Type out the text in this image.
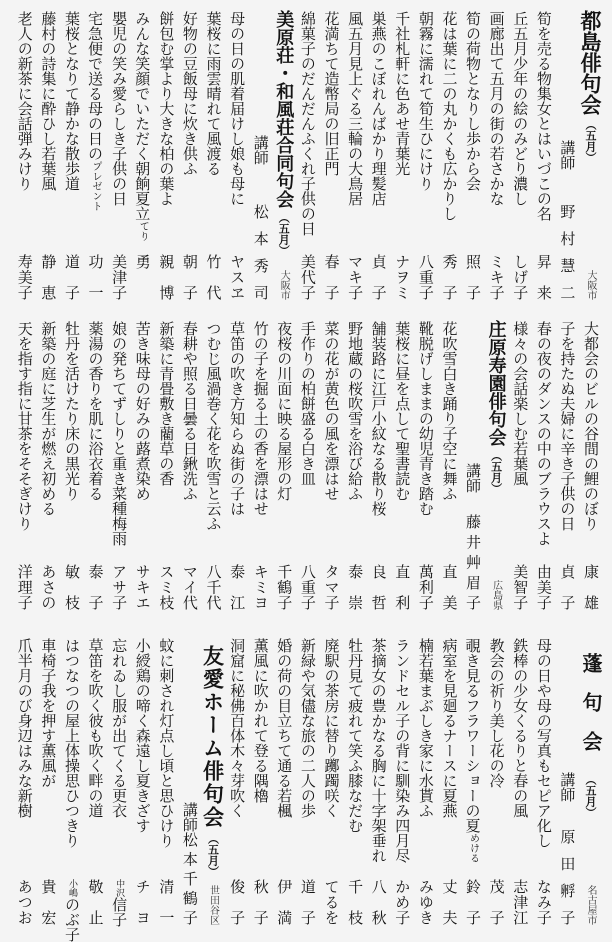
都島俳句会
（五月）
大阪市
講師
野村慧二
筍を売る物集女とはいづこの名
昇来
丘五月少年の絵のみどり濃し
しげ子
画廊出て五月の街の若さかな
ミキ子
筍の荷物となりし歩から会
照子
花は葉に二の丸かくも広かりし
秀子
朝霧に濡れて筍生ひにけり
八重子
千社札軒に色あせ青葉光
ナヲミ
巣燕のこぼれんばかり理髪店
貞子
風五月見上ぐる三輪の大鳥居
マキ子
花満ちて造幣局の旧正門
春子
綿菓子のだんだんふくれ子供の日
美代子
美原荘・和風荘合同句会
（五月）
大阪市
講師
松本秀司
母の日の肌着届けし娘も母に
ヤスヱ
葉桜に雨雲晴れて風渡る
竹代
好物の豆飯母に炊き供ふ
朝子
餅包む掌より大きな柏の葉よ
親博
みんな笑顔でいただく朝餉夏立てり
勇
嬰児の笑み愛らしき子供の日
美津子
宅急便で送る母の日のプレゼント
功一
葉桜となりて静かな散歩道
道子
藤村の詩集に酔ひし若葉風
静恵
老人の新茶に会話弾みけり
寿美子
大都会のビルの谷間の鯉のぼり
康雄
子を持たぬ夫婦に辛き子供の日
貞子
春の夜のダンスの中のブラウスよ
由美子
様々の会話楽しむ若葉風
美智子
庄原寿園俳句会
（五月）
広島県
講師
藤井艸眉子
花吹雪白き踊り子空に舞ふ
直美
靴脱げしままの幼児青き踏む
萬利子
葉桜に昼を点して聖書読む
直利
舗装路に江戸小紋なる散り桜
良哲
野地蔵の桜吹雪を浴び給ふ
泰崇
菜の花が黄色の風を漂はせ
タマ子
手作りの柏餅盛る白き皿
八重子
夜桜の川面に映る屋形の灯
千鶴子
竹の子を掘る土の香を漂はせ
キミヨ
草笛の吹き方知らぬ街の子は
泰江
つむじ風渦巻く花を吹雪と云ふ
八千代
春耕や照る日曇る日鍬洗ふ
マイ代
新築に青畳敷き藺草の香
スミ枝
苦き味母の好みの蕗煮染め
サキエ
娘の発ちてずしりと重き菜種梅雨
アサ子
薬湯の香りを肌に浴衣着る
泰子
牡丹を活けたり床の黒光り
敏枝
新築の庭に芝生が燃え初める
あさの
天を指す指に甘茶をそそぎけり
洋理子
蓬句会
（五月）
名古屋市
講師
原田孵子
母の日や母の写真もセピア化し
なみ子
鉄棒の少女くるりと春の風
志津江
教会の祈り美し花の冷
茂子
覗き見るフラワーショーの夏めける
鈴子
病室を見廻るナースに夏燕
丈夫
楠若葉まぶしき家に水貰ふ
みゆき
ランドセル子の背に馴染み四月尽
かめ子
茶摘女の豊かなる胸に十字架垂れ
八秋
牡丹見て疲れて笑ふ膝なだむ
千枝
廃駅の茶房に替り躑躅咲く
てるを
新緑や気儘な旅の二人の歩
道子
婚の荷の目立ちて通る若楓
伊満
薫風に吹かれて登る隅櫓
秋子
洞窟に秘佛百体木々芽吹く
俊子
友愛ホーム俳句会
（五月）
世田谷区
講師
松本千鶴子
蚊に刺され灯点し頃と思ひけり
清一
小綬鶏の啼く森遠し夏きざす
チヨ
忘れゐし服が出てくる更衣
中沢信子
草笛を吹く彼も吹く畔の道
敬止
はつなつの屋上体操思ひつきり
小嶋のぶ子
車椅子我を押す薫風が
貴宏
爪半月のび身辺はみな新樹
あつお
